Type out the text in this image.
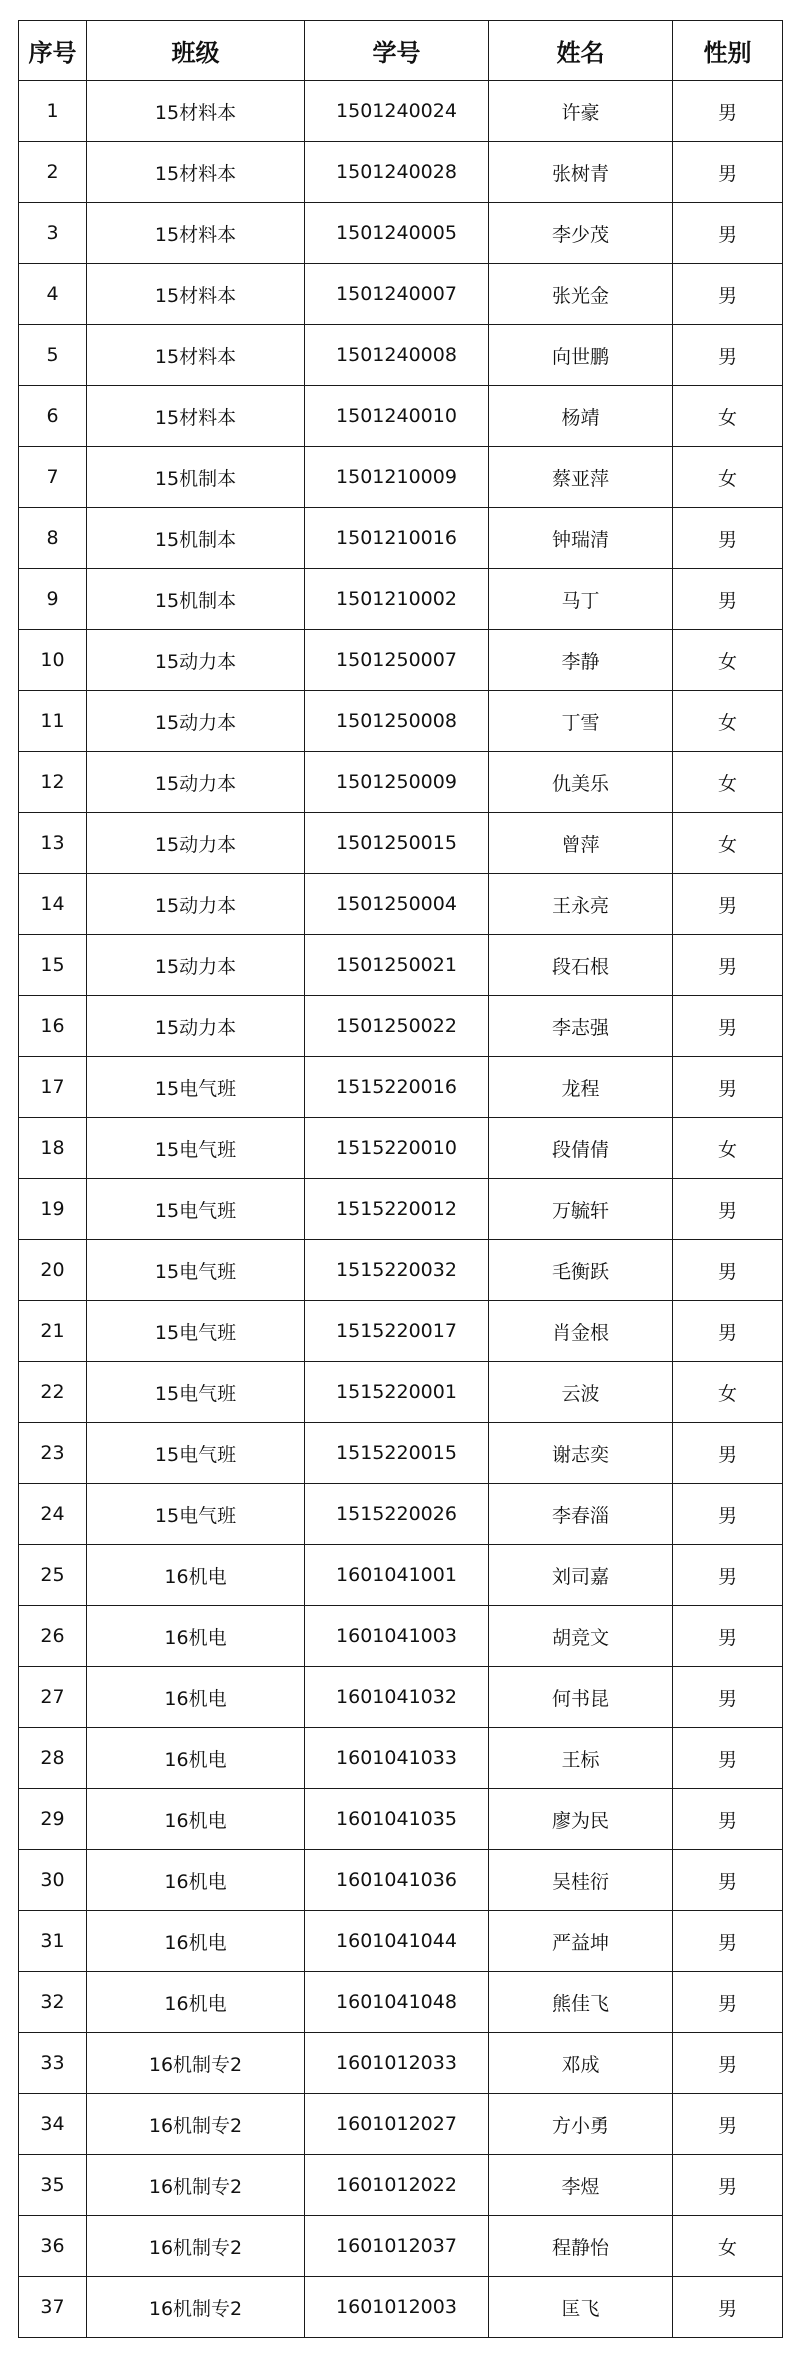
序号	班级	学号	姓名	性别
1	15材料本	1501240024	许豪	男
2	15材料本	1501240028	张树青	男
3	15材料本	1501240005	李少茂	男
4	15材料本	1501240007	张光金	男
5	15材料本	1501240008	向世鹏	男
6	15材料本	1501240010	杨靖	女
7	15机制本	1501210009	蔡亚萍	女
8	15机制本	1501210016	钟瑞清	男
9	15机制本	1501210002	马丁	男
10	15动力本	1501250007	李静	女
11	15动力本	1501250008	丁雪	女
12	15动力本	1501250009	仇美乐	女
13	15动力本	1501250015	曾萍	女
14	15动力本	1501250004	王永亮	男
15	15动力本	1501250021	段石根	男
16	15动力本	1501250022	李志强	男
17	15电气班	1515220016	龙程	男
18	15电气班	1515220010	段倩倩	女
19	15电气班	1515220012	万毓轩	男
20	15电气班	1515220032	毛衡跃	男
21	15电气班	1515220017	肖金根	男
22	15电气班	1515220001	云波	女
23	15电气班	1515220015	谢志奕	男
24	15电气班	1515220026	李春淄	男
25	16机电	1601041001	刘司嘉	男
26	16机电	1601041003	胡竞文	男
27	16机电	1601041032	何书昆	男
28	16机电	1601041033	王标	男
29	16机电	1601041035	廖为民	男
30	16机电	1601041036	吴桂衍	男
31	16机电	1601041044	严益坤	男
32	16机电	1601041048	熊佳飞	男
33	16机制专2	1601012033	邓成	男
34	16机制专2	1601012027	方小勇	男
35	16机制专2	1601012022	李煜	男
36	16机制专2	1601012037	程静怡	女
37	16机制专2	1601012003	匡飞	男
